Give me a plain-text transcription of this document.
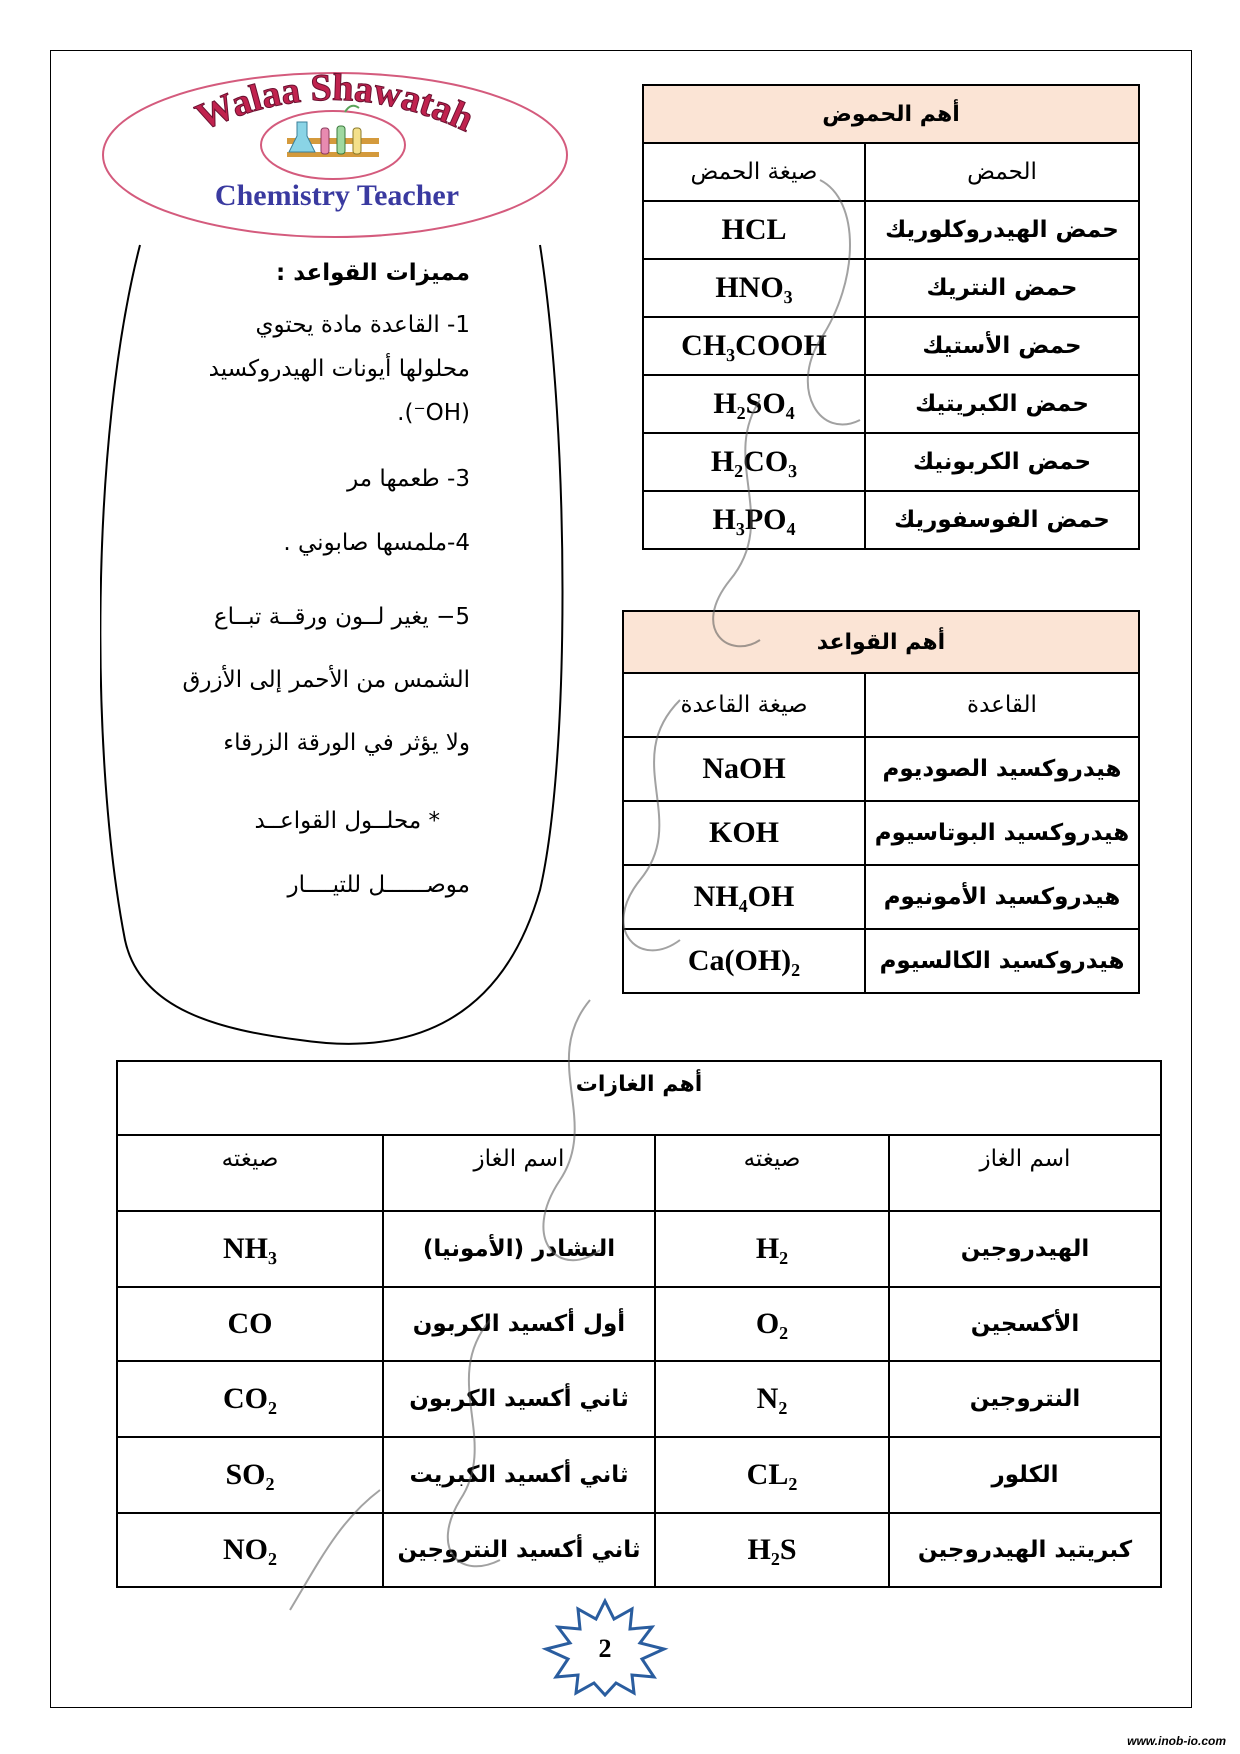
Walaa Shawatah
Chemistry Teacher

مميزات القواعد :

1- القاعدة مادة يحتوي

محلولها أيونات الهيدروكسيد

(OH⁻).

3- طعمها مر

4-ملمسها صابوني .

5− يغير لــون ورقــة تبــاع

الشمس من الأحمر إلى الأزرق

ولا يؤثر في الورقة الزرقاء

* محلــول القواعــد

موصــــــل للتيــــار

أهم الحموض	
الحمض	صيغة الحمض
حمض الهيدروكلوريك	HCL
حمض النتريك	HNO₃
حمض الأستيك	CH₃COOH
حمض الكبريتيك	H₂SO₄
حمض الكربونيك	H₂CO₃
حمض الفوسفوريك	H₃PO₄
أهم القواعد	
القاعدة	صيغة القاعدة
هيدروكسيد الصوديوم	NaOH
هيدروكسيد البوتاسيوم	KOH
هيدروكسيد الأمونيوم	NH₄OH
هيدروكسيد الكالسيوم	Ca(OH)₂
أهم الغازات			
اسم الغاز	صيغته	اسم الغاز	صيغته
الهيدروجين	H₂	النشادر (الأمونيا)	NH₃
الأكسجين	O₂	أول أكسيد الكربون	CO
النتروجين	N₂	ثاني أكسيد الكربون	CO₂
الكلور	CL₂	ثاني أكسيد الكبريت	SO₂
كبريتيد الهيدروجين	H₂S	ثاني أكسيد النتروجين	NO₂
2
www.inob-io.com
